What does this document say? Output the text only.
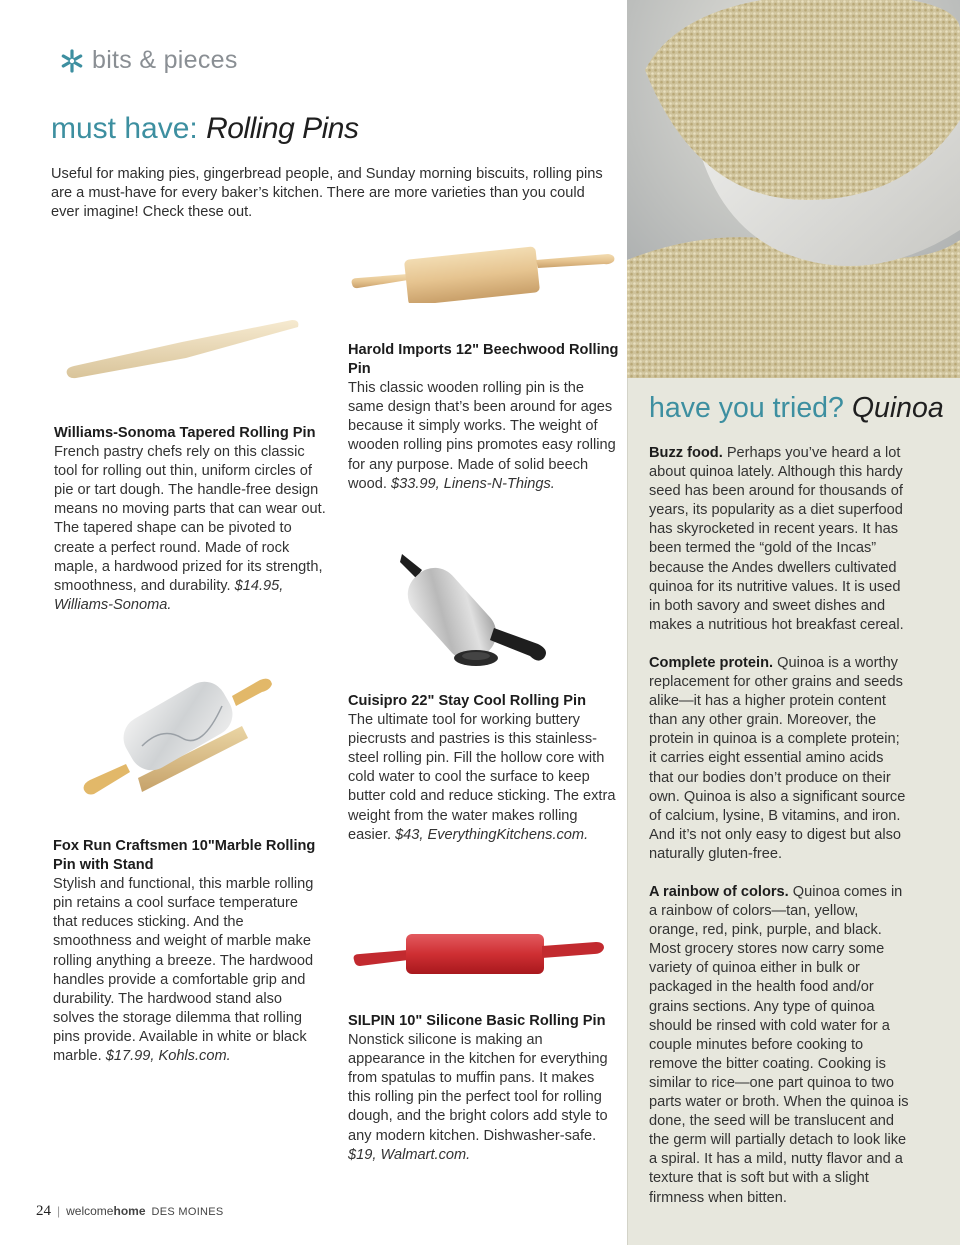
bits & pieces
must have: Rolling Pins

Useful for making pies, gingerbread people, and Sunday morning biscuits, rolling pins are a must-have for every baker’s kitchen. There are more varieties than you could ever imagine! Check these out.

Harold Imports 12" Beechwood Rolling Pin
This classic wooden rolling pin is the same design that’s been around for ages because it simply works. The weight of wooden rolling pins promotes easy rolling for any purpose. Made of solid beech wood. $33.99, Linens-N-Things.
Williams-Sonoma Tapered Rolling Pin
French pastry chefs rely on this classic tool for rolling out thin, uniform circles of pie or tart dough. The handle-free design means no moving parts that can wear out. The tapered shape can be pivoted to create a perfect round. Made of rock maple, a hardwood prized for its strength, smoothness, and durability. $14.95, Williams-Sonoma.
Cuisipro 22" Stay Cool Rolling Pin
The ultimate tool for working buttery piecrusts and pastries is this stainless-steel rolling pin. Fill the hollow core with cold water to cool the surface to keep butter cold and reduce sticking. The extra weight from the water makes rolling easier. $43, EverythingKitchens.com.
Fox Run Craftsmen 10"Marble Rolling Pin with Stand
Stylish and functional, this marble rolling pin retains a cool surface temperature that reduces sticking. And the smoothness and weight of marble make rolling anything a breeze. The hardwood handles provide a comfortable grip and durability. The hardwood stand also solves the storage dilemma that rolling pins provide. Available in white or black marble. $17.99, Kohls.com.
SILPIN 10" Silicone Basic Rolling Pin
Nonstick silicone is making an appearance in the kitchen for everything from spatulas to muffin pans. It makes this rolling pin the perfect tool for rolling dough, and the bright colors add style to any modern kitchen. Dishwasher-safe. $19, Walmart.com.
have you tried? Quinoa

Buzz food. Perhaps you’ve heard a lot about quinoa lately. Although this hardy seed has been around for thousands of years, its popularity as a diet superfood has skyrocketed in recent years. It has been termed the “gold of the Incas” because the Andes dwellers cultivated quinoa for its nutritive values. It is used in both savory and sweet dishes and makes a nutritious hot breakfast cereal.

Complete protein. Quinoa is a worthy replacement for other grains and seeds alike—it has a higher protein content than any other grain. Moreover, the protein in quinoa is a complete protein; it carries eight essential amino acids that our bodies don’t produce on their own. Quinoa is also a significant source of calcium, lysine, B vitamins, and iron. And it’s not only easy to digest but also naturally gluten-free.

A rainbow of colors. Quinoa comes in a rainbow of colors—tan, yellow, orange, red, pink, purple, and black. Most grocery stores now carry some variety of quinoa either in bulk or packaged in the health food and/or grains sections. Any type of quinoa should be rinsed with cold water for a couple minutes before cooking to remove the bitter coating. Cooking is similar to rice—one part quinoa to two parts water or broth. When the quinoa is done, the seed will be translucent and the germ will partially detach to look like a spiral. It has a mild, nutty flavor and a texture that is soft but with a slight firmness when bitten.

24 | welcomehome DES MOINES
